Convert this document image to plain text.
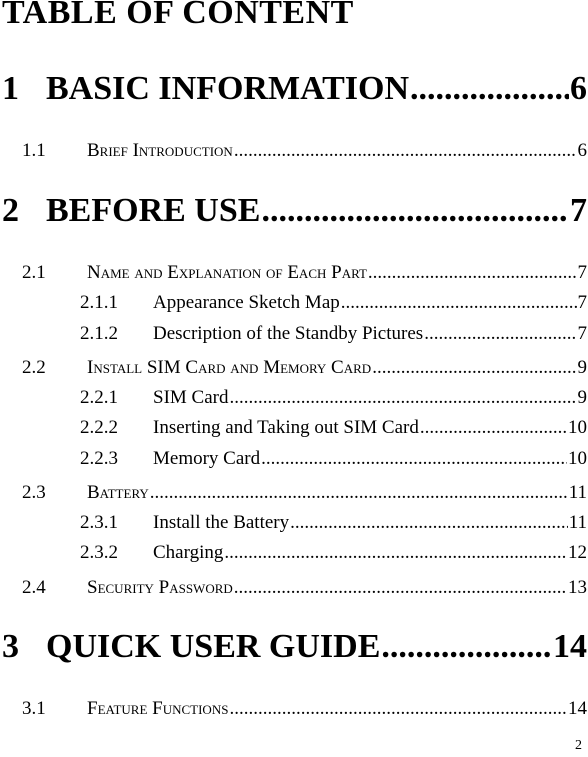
TABLE OF CONTENT
1 BASIC INFORMATION .....	6
1.1	Brief Introduction .....	6
2 BEFORE USE .....	7
2.1	Name and Explanation of Each Part .....	7
2.1.1	Appearance Sketch Map .....	7
2.1.2	Description of the Standby Pictures .....	7
2.2	Install SIM Card and Memory Card .....	9
2.2.1	SIM Card .....	9
2.2.2	Inserting and Taking out SIM Card .....	10
2.2.3	Memory Card .....	10
2.3	Battery .....	11
2.3.1	Install the Battery .....	11
2.3.2	Charging .....	12
2.4	Security Password .....	13
3 QUICK USER GUIDE .....	14
3.1	Feature Functions .....	14
2
